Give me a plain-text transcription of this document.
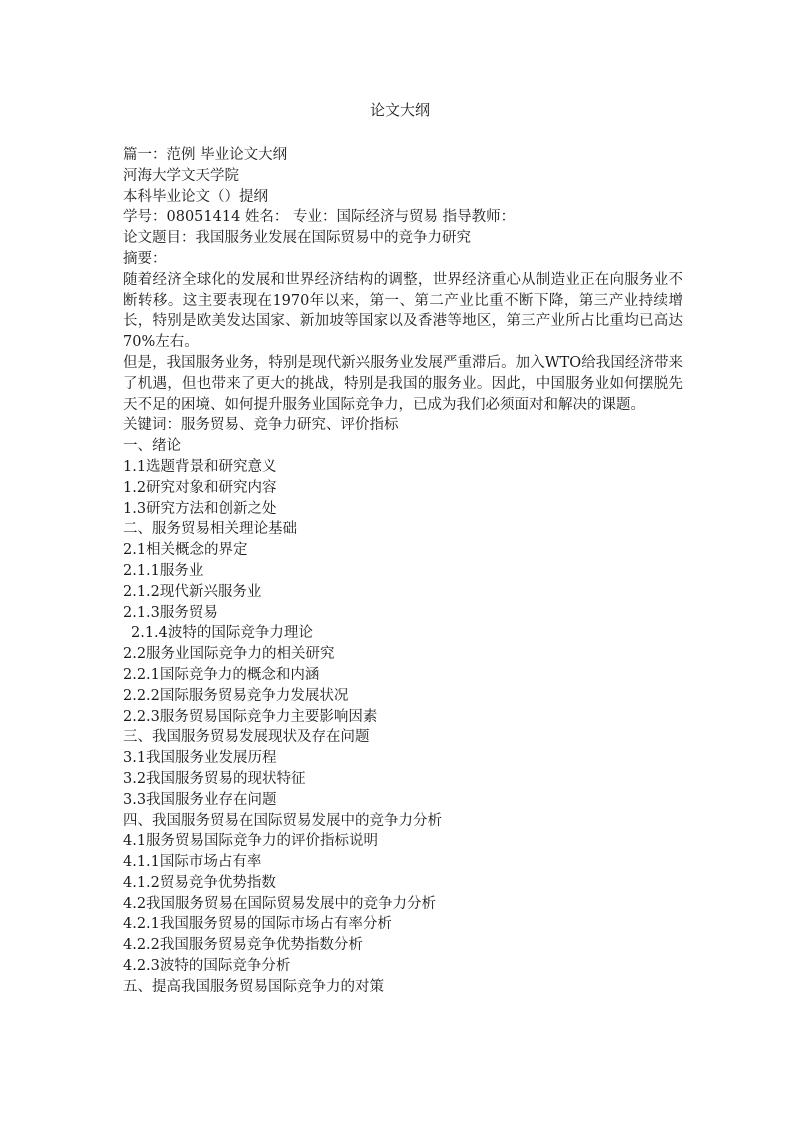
论文大纲

篇一：范例 毕业论文大纲

河海大学文天学院

本科毕业论文（）提纲

学号：08051414 姓名： 专业：国际经济与贸易 指导教师：

论文题目：我国服务业发展在国际贸易中的竞争力研究

摘要：

随着经济全球化的发展和世界经济结构的调整，世界经济重心从制造业正在向服务业不断转移。这主要表现在1970年以来，第一、第二产业比重不断下降，第三产业持续增长，特别是欧美发达国家、新加坡等国家以及香港等地区，第三产业所占比重均已高达70%左右。

但是，我国服务业务，特别是现代新兴服务业发展严重滞后。加入WTO给我国经济带来了机遇，但也带来了更大的挑战，特别是我国的服务业。因此，中国服务业如何摆脱先天不足的困境、如何提升服务业国际竞争力，已成为我们必须面对和解决的课题。

关键词：服务贸易、竞争力研究、评价指标

一、绪论

1.1选题背景和研究意义

1.2研究对象和研究内容

1.3研究方法和创新之处

二、服务贸易相关理论基础

2.1相关概念的界定

2.1.1服务业

2.1.2现代新兴服务业

2.1.3服务贸易

2.1.4波特的国际竞争力理论

2.2服务业国际竞争力的相关研究

2.2.1国际竞争力的概念和内涵

2.2.2国际服务贸易竞争力发展状况

2.2.3服务贸易国际竞争力主要影响因素

三、我国服务贸易发展现状及存在问题

3.1我国服务业发展历程

3.2我国服务贸易的现状特征

3.3我国服务业存在问题

四、我国服务贸易在国际贸易发展中的竞争力分析

4.1服务贸易国际竞争力的评价指标说明

4.1.1国际市场占有率

4.1.2贸易竞争优势指数

4.2我国服务贸易在国际贸易发展中的竞争力分析

4.2.1我国服务贸易的国际市场占有率分析

4.2.2我国服务贸易竞争优势指数分析

4.2.3波特的国际竞争分析

五、提高我国服务贸易国际竞争力的对策
